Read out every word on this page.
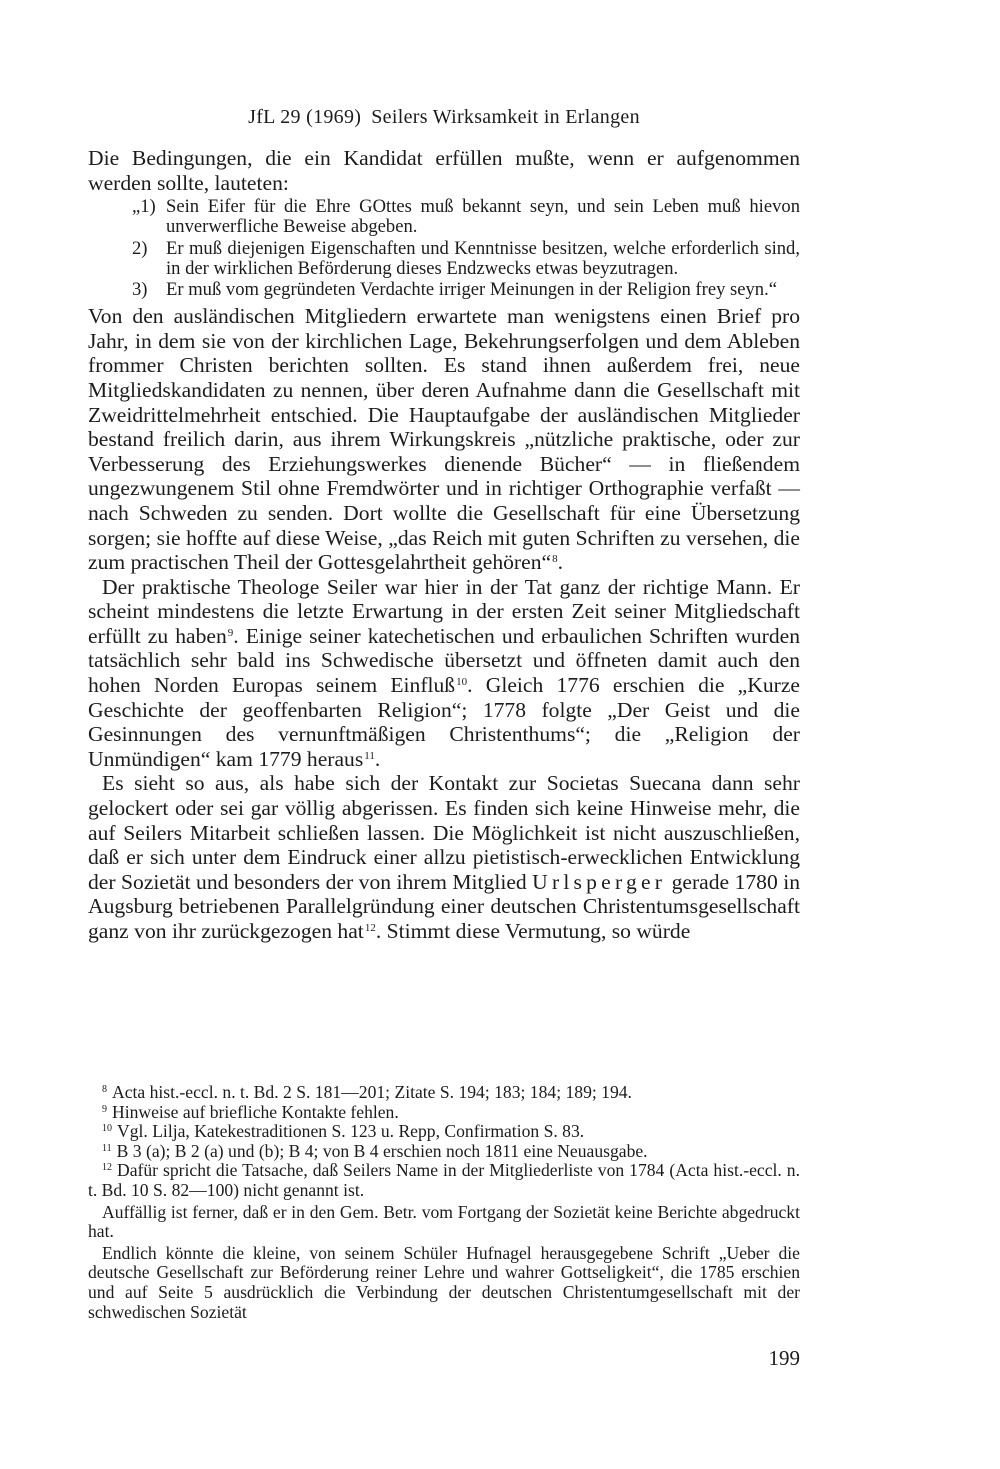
JfL 29 (1969) Seilers Wirksamkeit in Erlangen

Die Bedingungen, die ein Kandidat erfüllen mußte, wenn er aufgenommen werden sollte, lauteten:

„1) Sein Eifer für die Ehre GOttes muß bekannt seyn, und sein Leben muß hievon unverwerfliche Beweise abgeben.
2) Er muß diejenigen Eigenschaften und Kenntnisse besitzen, welche erforderlich sind, in der wirklichen Beförderung dieses Endzwecks etwas beyzutragen.
3) Er muß vom gegründeten Verdachte irriger Meinungen in der Religion frey seyn.“

Von den ausländischen Mitgliedern erwartete man wenigstens einen Brief pro Jahr, in dem sie von der kirchlichen Lage, Bekehrungserfolgen und dem Ableben frommer Christen berichten sollten. Es stand ihnen außerdem frei, neue Mitgliedskandidaten zu nennen, über deren Aufnahme dann die Gesellschaft mit Zweidrittelmehrheit entschied. Die Hauptaufgabe der ausländischen Mitglieder bestand freilich darin, aus ihrem Wirkungskreis „nützliche praktische, oder zur Verbesserung des Erziehungswerkes dienende Bücher“ — in fließendem ungezwungenem Stil ohne Fremdwörter und in richtiger Orthographie verfaßt — nach Schweden zu senden. Dort wollte die Gesellschaft für eine Übersetzung sorgen; sie hoffte auf diese Weise, „das Reich mit guten Schriften zu versehen, die zum practischen Theil der Gottesgelahrtheit gehören“$^8$.

Der praktische Theologe Seiler war hier in der Tat ganz der richtige Mann. Er scheint mindestens die letzte Erwartung in der ersten Zeit seiner Mitgliedschaft erfüllt zu haben$^9$. Einige seiner katechetischen und erbaulichen Schriften wurden tatsächlich sehr bald ins Schwedische übersetzt und öffneten damit auch den hohen Norden Europas seinem Einfluß$^{10}$. Gleich 1776 erschien die „Kurze Geschichte der geoffenbarten Religion“; 1778 folgte „Der Geist und die Gesinnungen des vernunftmäßigen Christenthums“; die „Religion der Unmündigen“ kam 1779 heraus$^{11}$.

Es sieht so aus, als habe sich der Kontakt zur Societas Suecana dann sehr gelockert oder sei gar völlig abgerissen. Es finden sich keine Hinweise mehr, die auf Seilers Mitarbeit schließen lassen. Die Möglichkeit ist nicht auszuschließen, daß er sich unter dem Eindruck einer allzu pietistisch-erwecklichen Entwicklung der Sozietät und besonders der von ihrem Mitglied Urlsperger gerade 1780 in Augsburg betriebenen Parallelgründung einer deutschen Christentumsgesellschaft ganz von ihr zurückgezogen hat$^{12}$. Stimmt diese Vermutung, so würde

$^8$ Acta hist.-eccl. n. t. Bd. 2 S. 181—201; Zitate S. 194; 183; 184; 189; 194.

$^9$ Hinweise auf briefliche Kontakte fehlen.

$^{10}$ Vgl. Lilja, Katekestraditionen S. 123 u. Repp, Confirmation S. 83.

$^{11}$ B 3 (a); B 2 (a) und (b); B 4; von B 4 erschien noch 1811 eine Neuausgabe.

$^{12}$ Dafür spricht die Tatsache, daß Seilers Name in der Mitgliederliste von 1784 (Acta hist.-eccl. n. t. Bd. 10 S. 82—100) nicht genannt ist.

Auffällig ist ferner, daß er in den Gem. Betr. vom Fortgang der Sozietät keine Berichte abgedruckt hat.

Endlich könnte die kleine, von seinem Schüler Hufnagel herausgegebene Schrift „Ueber die deutsche Gesellschaft zur Beförderung reiner Lehre und wahrer Gottseligkeit“, die 1785 erschien und auf Seite 5 ausdrücklich die Verbindung der deutschen Christentumgesellschaft mit der schwedischen Sozietät

199
